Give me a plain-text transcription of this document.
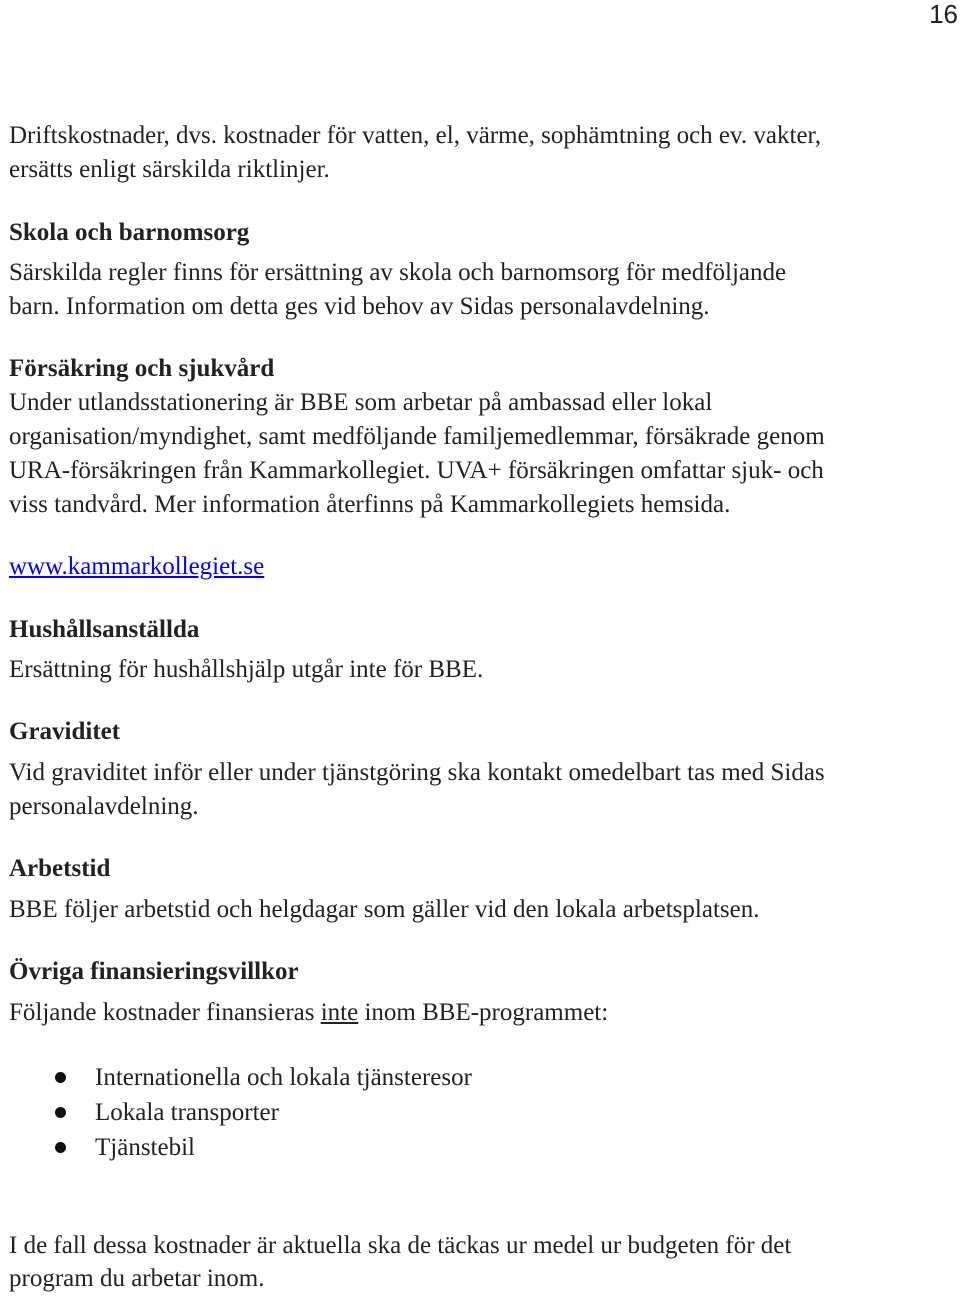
16

Driftskostnader, dvs. kostnader för vatten, el, värme, sophämtning och ev. vakter,

ersätts enligt särskilda riktlinjer.

Skola och barnomsorg

Särskilda regler finns för ersättning av skola och barnomsorg för medföljande

barn. Information om detta ges vid behov av Sidas personalavdelning.

Försäkring och sjukvård

Under utlandsstationering är BBE som arbetar på ambassad eller lokal

organisation/myndighet, samt medföljande familjemedlemmar, försäkrade genom

URA-försäkringen från Kammarkollegiet. UVA+ försäkringen omfattar sjuk- och

viss tandvård. Mer information återfinns på Kammarkollegiets hemsida.

www.kammarkollegiet.se
Hushållsanställda

Ersättning för hushållshjälp utgår inte för BBE.

Graviditet

Vid graviditet inför eller under tjänstgöring ska kontakt omedelbart tas med Sidas

personalavdelning.

Arbetstid

BBE följer arbetstid och helgdagar som gäller vid den lokala arbetsplatsen.

Övriga finansieringsvillkor

Följande kostnader finansieras inte inom BBE-programmet:

Internationella och lokala tjänsteresor
Lokala transporter
Tjänstebil

I de fall dessa kostnader är aktuella ska de täckas ur medel ur budgeten för det

program du arbetar inom.
